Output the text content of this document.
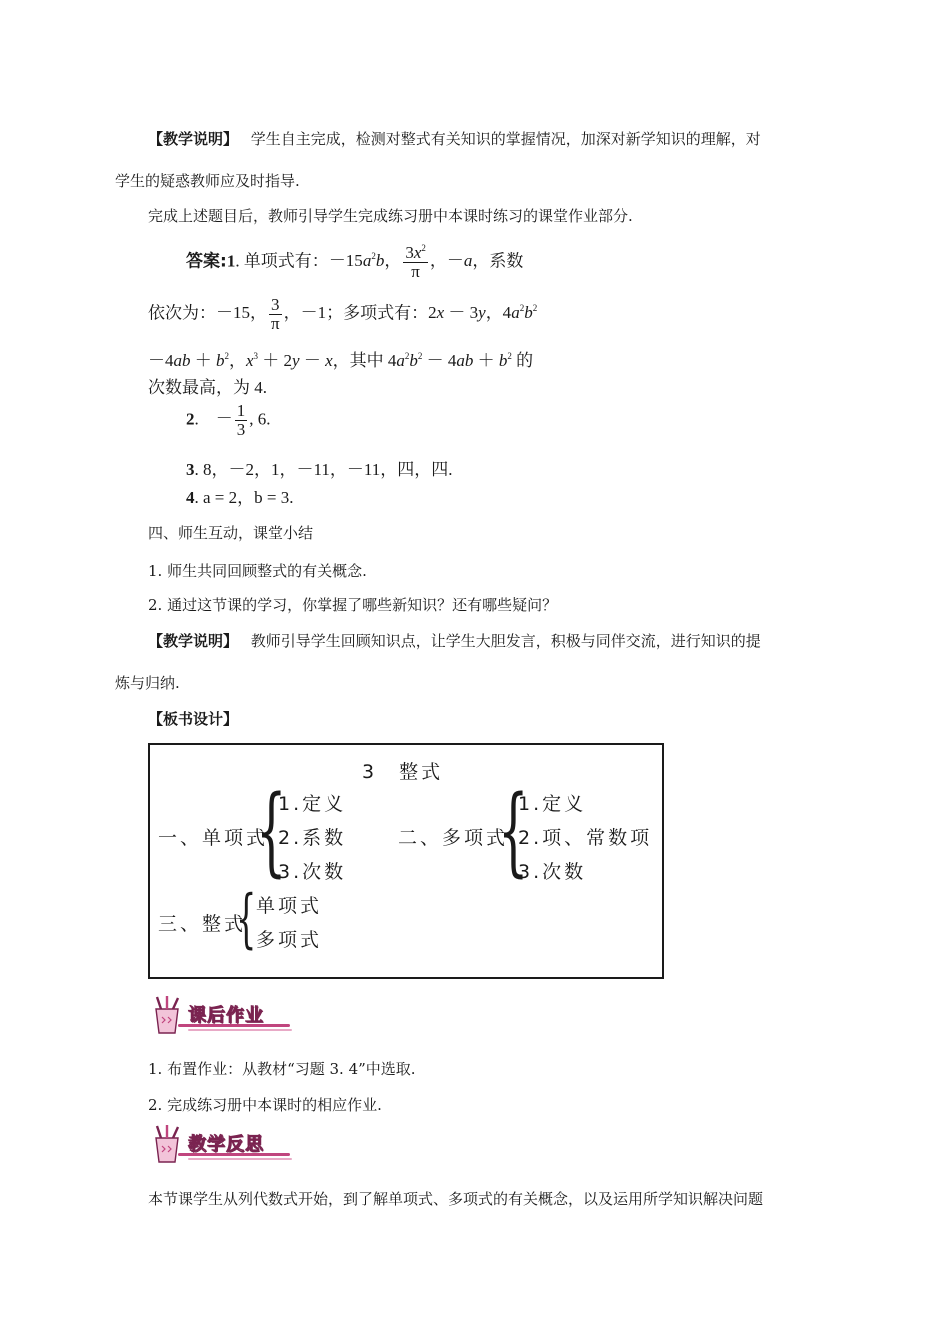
【教学说明】 学生自主完成，检测对整式有关知识的掌握情况，加深对新学知识的理解，对
学生的疑惑教师应及时指导.
完成上述题目后，教师引导学生完成练习册中本课时练习的课堂作业部分.
答案:1. 单项式有：$-15a^2b$， $\frac{3x^2}{\pi}$ ，－a，系数
依次为：－15， $\frac{3}{\pi}$ ，－1；多项式有：2x － 3y，$4a^2b^2$
$-4ab + b^2$，$x^3 + 2y - x$，其中 $4a^2b^2 - 4ab + b^2$ 的
次数最高，为 4.
2.　－ $\frac{1}{3}$ , 6.
3. 8，－2，1，－11，－11，四，四.
4. a = 2，b = 3.
四、师生互动，课堂小结
1. 师生共同回顾整式的有关概念.
2. 通过这节课的学习，你掌握了哪些新知识？还有哪些疑问？
【教学说明】 教师引导学生回顾知识点，让学生大胆发言，积极与同伴交流，进行知识的提
炼与归纳.
【板书设计】
3　整式
一、单项式
{
1.定义
2.系数
3.次数
二、多项式
{
1.定义
2.项、常数项
3.次数
三、整式
{ 单项式
多项式
课后作业
1. 布置作业：从教材“习题 3. 4”中选取.
2. 完成练习册中本课时的相应作业.
教学反思
本节课学生从列代数式开始，到了解单项式、多项式的有关概念，以及运用所学知识解决问题
